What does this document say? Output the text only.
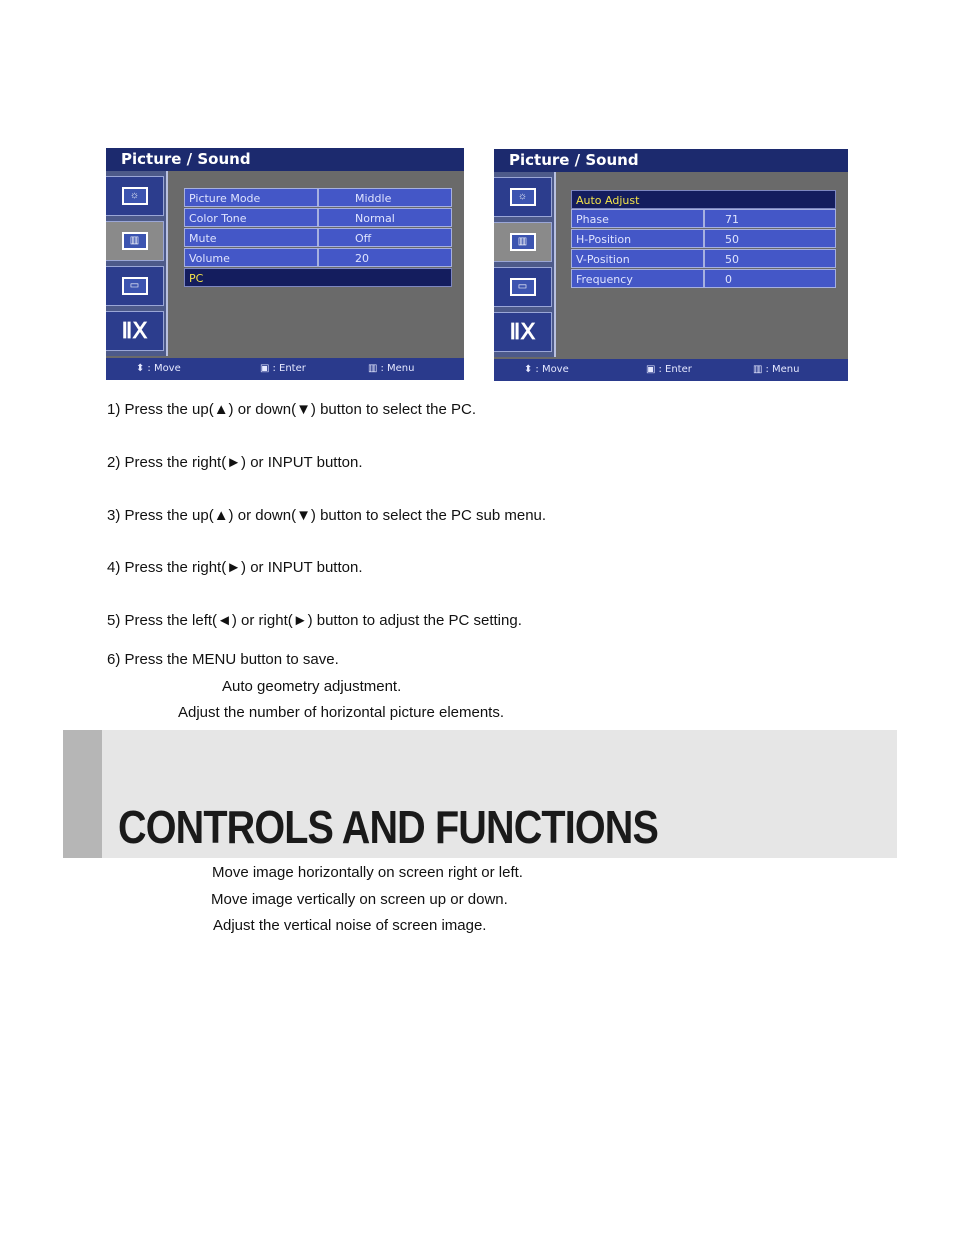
Picture / Sound
☼
▥
▭
ⅡⅩ
Picture Mode	Middle
Color Tone	Normal
Mute	Off
Volume	20
PC
⬍ : Move	▣ : Enter	▥ : Menu
Picture / Sound
☼
▥
▭
ⅡⅩ
Auto Adjust
Phase	71
H-Position	50
V-Position	50
Frequency	0
⬍ : Move	▣ : Enter	▥ : Menu
1) Press the up(▲) or down(▼) button to select the PC.
2) Press the right(►) or INPUT button.
3) Press the up(▲) or down(▼) button to select the PC sub menu.
4) Press the right(►) or INPUT button.
5) Press the left(◄) or right(►) button to adjust the PC setting.
6) Press the MENU button to save.
Auto geometry adjustment.
Adjust the number of horizontal picture elements.
CONTROLS AND FUNCTIONS
Move image horizontally on screen right or left.
Move image vertically on screen up or down.
Adjust the vertical noise of screen image.
